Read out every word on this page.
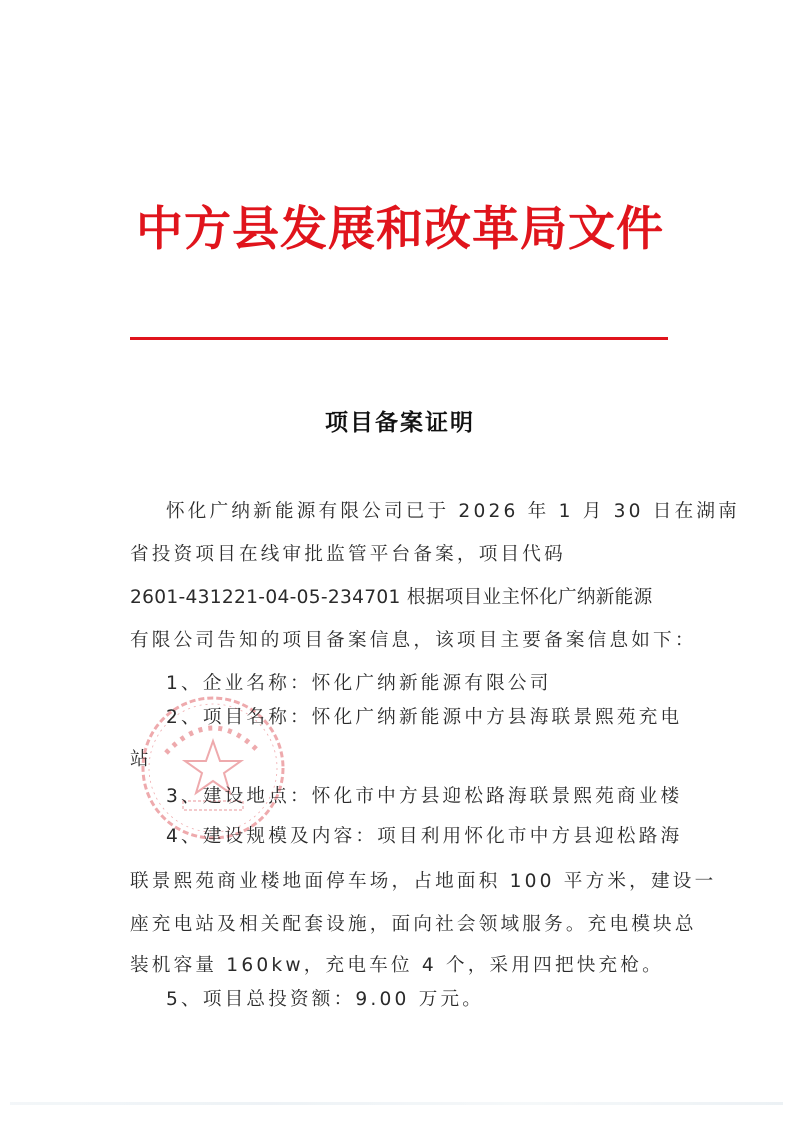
中方县发展和改革局文件
项目备案证明
怀化广纳新能源有限公司已于 2026 年 1 月 30 日在湖南
省投资项目在线审批监管平台备案，项目代码
2601-431221-04-05-234701 根据项目业主怀化广纳新能源
有限公司告知的项目备案信息，该项目主要备案信息如下：
1、企业名称：怀化广纳新能源有限公司
2、项目名称：怀化广纳新能源中方县海联景熙苑充电
站
3、建设地点：怀化市中方县迎松路海联景熙苑商业楼
4、建设规模及内容：项目利用怀化市中方县迎松路海
联景熙苑商业楼地面停车场，占地面积 100 平方米，建设一
座充电站及相关配套设施，面向社会领域服务。充电模块总
装机容量 160kw，充电车位 4 个，采用四把快充枪。
5、项目总投资额：9.00 万元。
